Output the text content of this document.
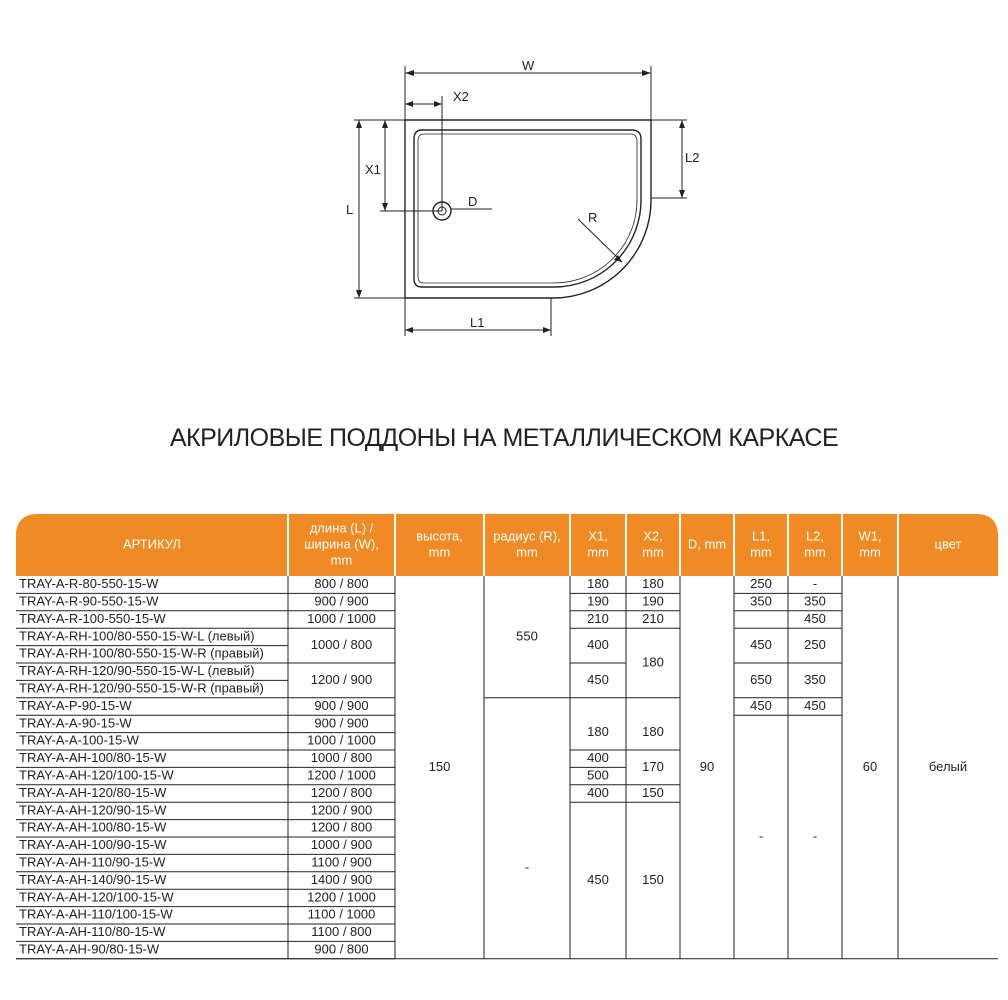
W
X2
X1
L
D
R
L2
L1
АКРИЛОВЫЕ ПОДДОНЫ НА МЕТАЛЛИЧЕСКОМ КАРКАСЕ
АРТИКУЛ
длина (L) /
ширина (W),
mm
высота,
mm
радиус (R),
mm
X1,
mm
X2,
mm
D, mm
L1,
mm
L2,
mm
W1,
mm
цвет
TRAY-A-R-80-550-15-W
TRAY-A-R-90-550-15-W
TRAY-A-R-100-550-15-W
TRAY-A-RH-100/80-550-15-W-L (левый)
TRAY-A-RH-100/80-550-15-W-R (правый)
TRAY-A-RH-120/90-550-15-W-L (левый)
TRAY-A-RH-120/90-550-15-W-R (правый)
TRAY-A-P-90-15-W
TRAY-A-A-90-15-W
TRAY-A-A-100-15-W
TRAY-A-AH-100/80-15-W
TRAY-A-AH-120/100-15-W
TRAY-A-AH-120/80-15-W
TRAY-A-AH-120/90-15-W
TRAY-A-AH-100/80-15-W
TRAY-A-AH-100/90-15-W
TRAY-A-AH-110/90-15-W
TRAY-A-AH-140/90-15-W
TRAY-A-AH-120/100-15-W
TRAY-A-AH-110/100-15-W
TRAY-A-AH-110/80-15-W
TRAY-A-AH-90/80-15-W
800 / 800
900 / 900
1000 / 1000
1000 / 800
1200 / 900
900 / 900
900 / 900
1000 / 1000
1000 / 800
1200 / 1000
1200 / 800
1200 / 900
1200 / 800
1000 / 900
1100 / 900
1400 / 900
1200 / 1000
1100 / 1000
1100 / 800
900 / 800
150
550
-
90	60	белый
180
190
210
400
450
180
400
500
400
450
180
190
210
180
180
170
150
150
250
350
450
650
450
-
-
350
450
250
350
450
-
